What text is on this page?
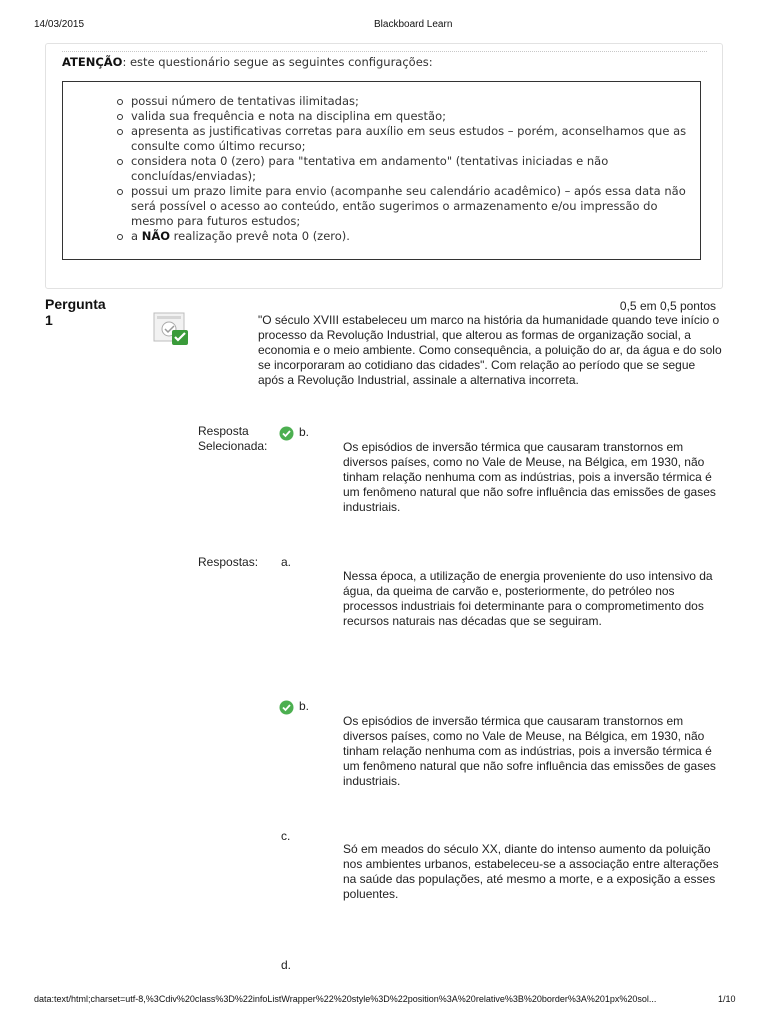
14/03/2015	Blackboard Learn
ATENÇÃO: este questionário segue as seguintes configurações:
possui número de tentativas ilimitadas;
valida sua frequência e nota na disciplina em questão;
apresenta as justificativas corretas para auxílio em seus estudos – porém, aconselhamos que as consulte como último recurso;
considera nota 0 (zero) para "tentativa em andamento" (tentativas iniciadas e não concluídas/enviadas);
possui um prazo limite para envio (acompanhe seu calendário acadêmico) – após essa data não será possível o acesso ao conteúdo, então sugerimos o armazenamento e/ou impressão do mesmo para futuros estudos;
a NÃO realização prevê nota 0 (zero).
Pergunta
1
0,5 em 0,5 pontos
"O século XVIII estabeleceu um marco na história da humanidade quando teve início o processo da Revolução Industrial, que alterou as formas de organização social, a economia e o meio ambiente. Como consequência, a poluição do ar, da água e do solo se incorporaram ao cotidiano das cidades". Com relação ao período que se segue após a Revolução Industrial, assinale a alternativa incorreta.
Resposta
Selecionada:
b.
Os episódios de inversão térmica que causaram transtornos em diversos países, como no Vale de Meuse, na Bélgica, em 1930, não tinham relação nenhuma com as indústrias, pois a inversão térmica é um fenômeno natural que não sofre influência das emissões de gases industriais.
Respostas: a.
Nessa época, a utilização de energia proveniente do uso intensivo da água, da queima de carvão e, posteriormente, do petróleo nos processos industriais foi determinante para o comprometimento dos recursos naturais nas décadas que se seguiram.
b.
Os episódios de inversão térmica que causaram transtornos em diversos países, como no Vale de Meuse, na Bélgica, em 1930, não tinham relação nenhuma com as indústrias, pois a inversão térmica é um fenômeno natural que não sofre influência das emissões de gases industriais.
c.
Só em meados do século XX, diante do intenso aumento da poluição nos ambientes urbanos, estabeleceu-se a associação entre alterações na saúde das populações, até mesmo a morte, e a exposição a esses poluentes.
d.
data:text/html;charset=utf-8,%3Cdiv%20class%3D%22infoListWrapper%22%20style%3D%22position%3A%20relative%3B%20border%3A%201px%20sol...	1/10
